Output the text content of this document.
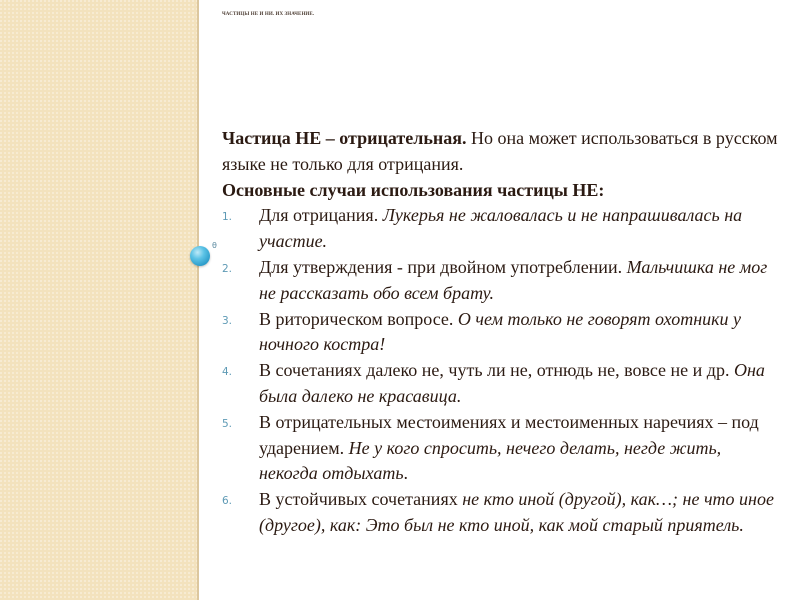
θ
ЧАСТИЦЫ НЕ И НИ. ИХ ЗНАЧЕНИЕ.

Частица НЕ – отрицательная. Но она может использоваться в русском языке не только для отрицания.

Основные случаи использования частицы НЕ:

1. Для отрицания. Лукерья не жаловалась и не напрашивалась на участие.
2. Для утверждения - при двойном употреблении. Мальчишка не мог не рассказать обо всем брату.
3. В риторическом вопросе. О чем только не говорят охотники у ночного костра!
4. В сочетаниях далеко не, чуть ли не, отнюдь не, вовсе не и др. Она была далеко не красавица.
5. В отрицательных местоимениях и местоименных наречиях – под ударением. Не у кого спросить, нечего делать, негде жить, некогда отдыхать.
6. В устойчивых сочетаниях не кто иной (другой), как…; не что иное (другое), как: Это был не кто иной, как мой старый приятель.
